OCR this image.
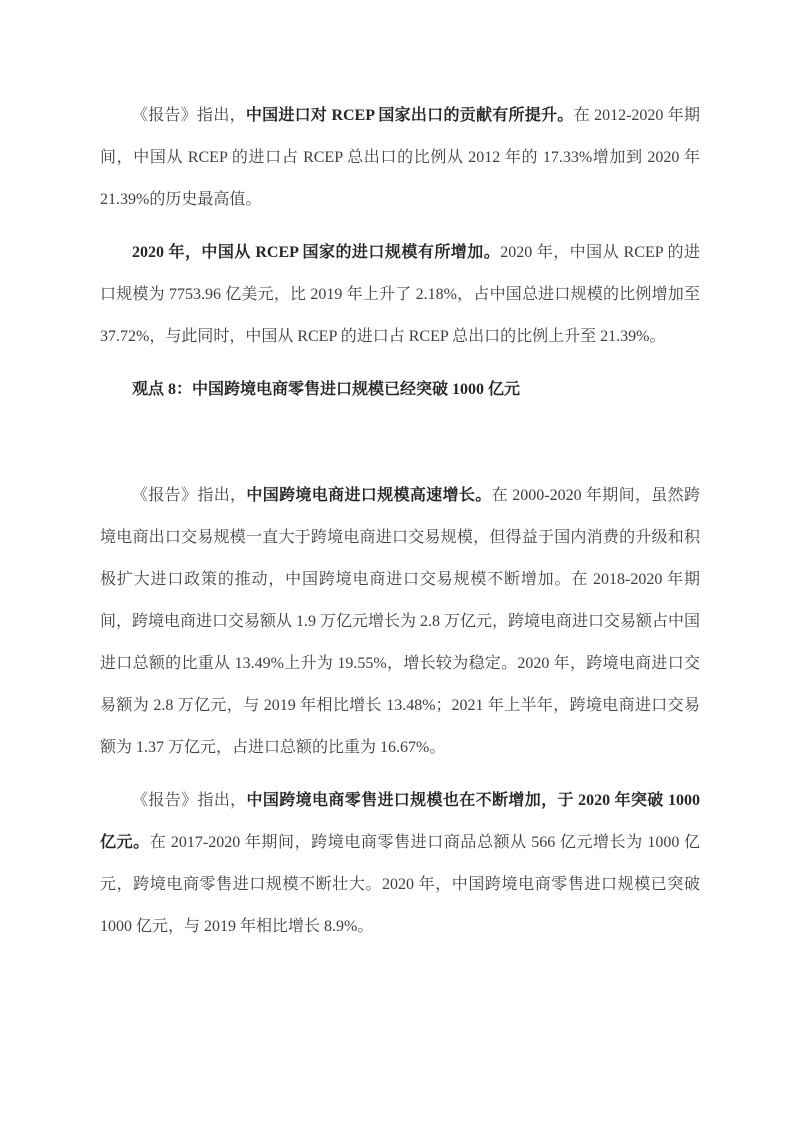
《报告》指出，中国进口对 RCEP 国家出口的贡献有所提升。在 2012-2020 年期间，中国从 RCEP 的进口占 RCEP 总出口的比例从 2012 年的 17.33%增加到 2020 年 21.39%的历史最高值。

2020 年，中国从 RCEP 国家的进口规模有所增加。2020 年，中国从 RCEP 的进口规模为 7753.96 亿美元，比 2019 年上升了 2.18%，占中国总进口规模的比例增加至 37.72%，与此同时，中国从 RCEP 的进口占 RCEP 总出口的比例上升至 21.39%。

观点 8：中国跨境电商零售进口规模已经突破 1000 亿元

《报告》指出，中国跨境电商进口规模高速增长。在 2000-2020 年期间，虽然跨境电商出口交易规模一直大于跨境电商进口交易规模，但得益于国内消费的升级和积极扩大进口政策的推动，中国跨境电商进口交易规模不断增加。在 2018-2020 年期间，跨境电商进口交易额从 1.9 万亿元增长为 2.8 万亿元，跨境电商进口交易额占中国进口总额的比重从 13.49%上升为 19.55%，增长较为稳定。2020 年，跨境电商进口交易额为 2.8 万亿元，与 2019 年相比增长 13.48%；2021 年上半年，跨境电商进口交易额为 1.37 万亿元，占进口总额的比重为 16.67%。

《报告》指出，中国跨境电商零售进口规模也在不断增加，于 2020 年突破 1000 亿元。在 2017-2020 年期间，跨境电商零售进口商品总额从 566 亿元增长为 1000 亿元，跨境电商零售进口规模不断壮大。2020 年，中国跨境电商零售进口规模已突破 1000 亿元，与 2019 年相比增长 8.9%。
